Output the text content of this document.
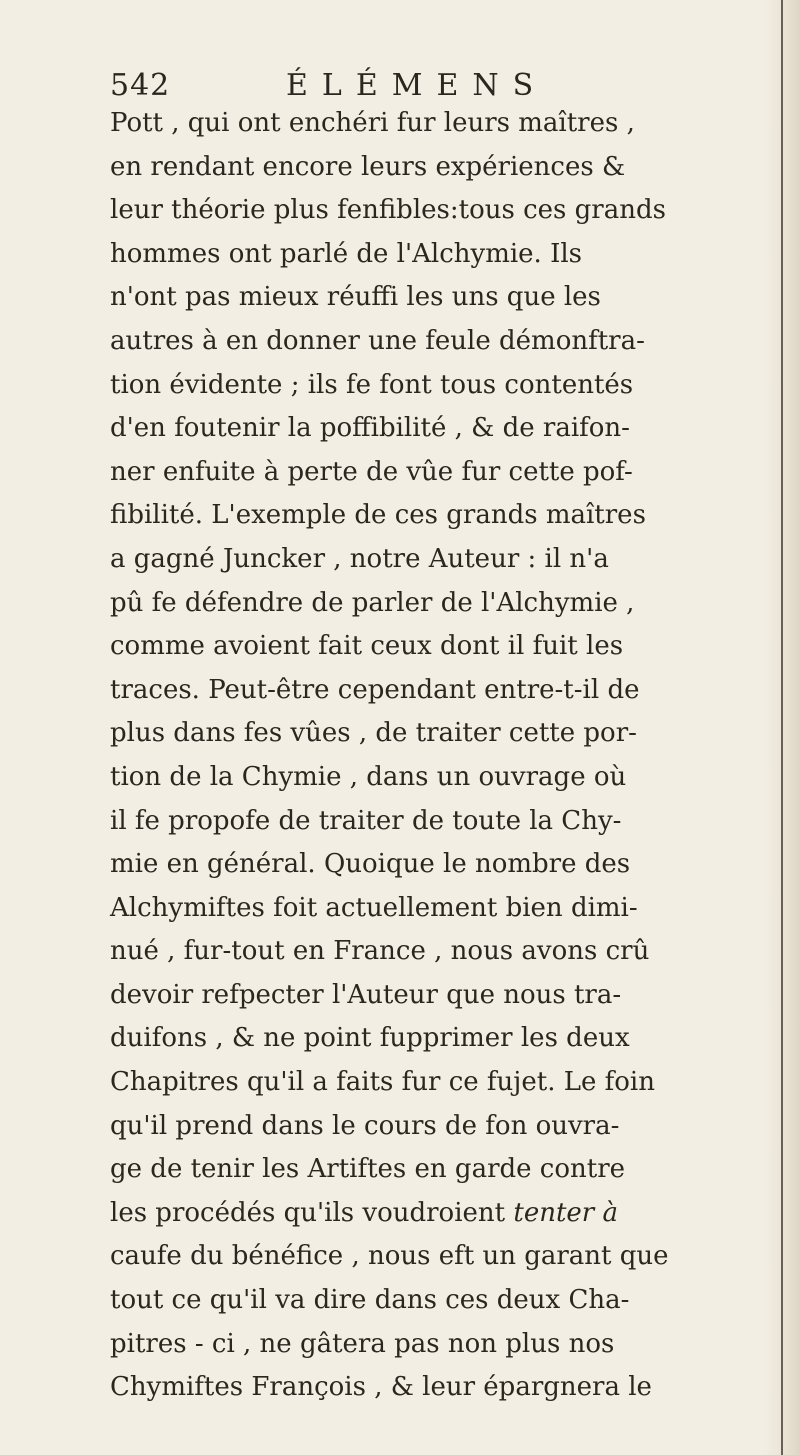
542	ÉLÉMENS
Pott , qui ont enchéri fur leurs maîtres ,
en rendant encore leurs expériences &
leur théorie plus fenfibles:tous ces grands
hommes ont parlé de l'Alchymie. Ils
n'ont pas mieux réuffi les uns que les
autres à en donner une feule démonftra-
tion évidente ; ils fe font tous contentés
d'en foutenir la poffibilité , & de raifon-
ner enfuite à perte de vûe fur cette pof-
fibilité. L'exemple de ces grands maîtres
a gagné Juncker , notre Auteur : il n'a
pû fe défendre de parler de l'Alchymie ,
comme avoient fait ceux dont il fuit les
traces. Peut-être cependant entre-t-il de
plus dans fes vûes , de traiter cette por-
tion de la Chymie , dans un ouvrage où
il fe propofe de traiter de toute la Chy-
mie en général. Quoique le nombre des
Alchymiftes foit actuellement bien dimi-
nué , fur-tout en France , nous avons crû
devoir refpecter l'Auteur que nous tra-
duifons , & ne point fupprimer les deux
Chapitres qu'il a faits fur ce fujet. Le foin
qu'il prend dans le cours de fon ouvra-
ge de tenir les Artiftes en garde contre
les procédés qu'ils voudroient tenter à
caufe du bénéfice , nous eft un garant que
tout ce qu'il va dire dans ces deux Cha-
pitres - ci , ne gâtera pas non plus nos
Chymiftes François , & leur épargnera le
